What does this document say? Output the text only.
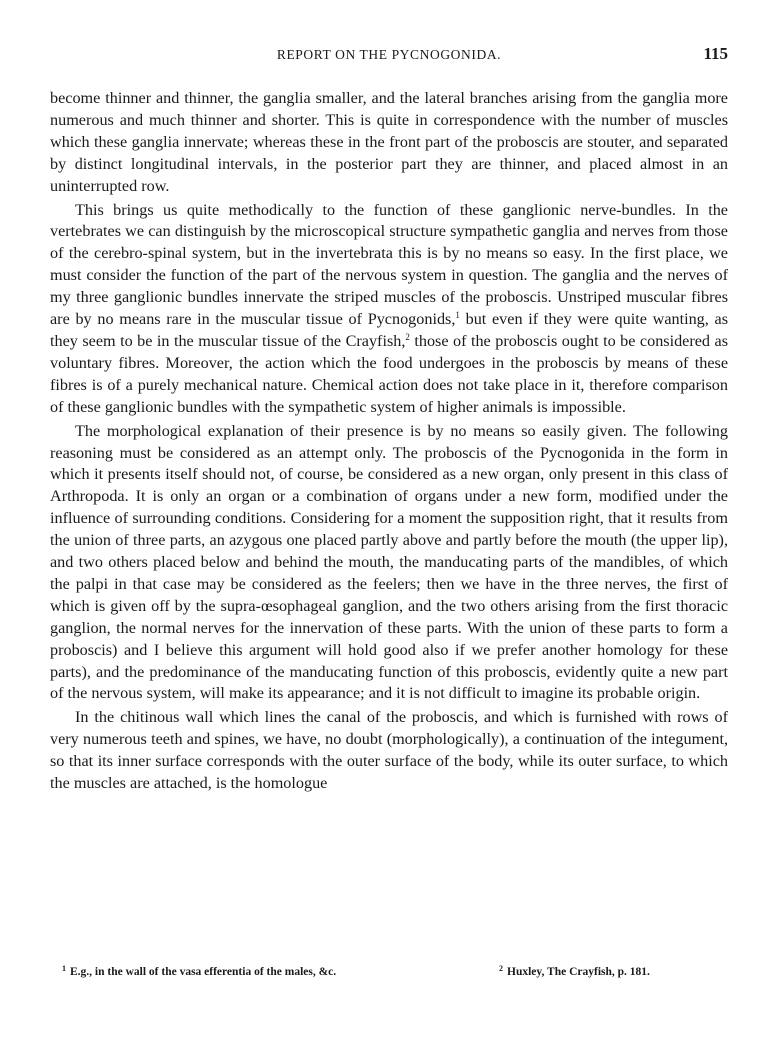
REPORT ON THE PYCNOGONIDA.	115

become thinner and thinner, the ganglia smaller, and the lateral branches arising from the ganglia more numerous and much thinner and shorter. This is quite in correspondence with the number of muscles which these ganglia innervate; whereas these in the front part of the proboscis are stouter, and separated by distinct longitudinal intervals, in the posterior part they are thinner, and placed almost in an uninterrupted row.

This brings us quite methodically to the function of these ganglionic nerve-bundles. In the vertebrates we can distinguish by the microscopical structure sympathetic ganglia and nerves from those of the cerebro-spinal system, but in the invertebrata this is by no means so easy. In the first place, we must consider the function of the part of the nervous system in question. The ganglia and the nerves of my three ganglionic bundles innervate the striped muscles of the proboscis. Unstriped muscular fibres are by no means rare in the muscular tissue of Pycnogonids,$^1$ but even if they were quite wanting, as they seem to be in the muscular tissue of the Crayfish,$^2$ those of the proboscis ought to be considered as voluntary fibres. Moreover, the action which the food undergoes in the proboscis by means of these fibres is of a purely mechanical nature. Chemical action does not take place in it, therefore comparison of these ganglionic bundles with the sympathetic system of higher animals is impossible.

The morphological explanation of their presence is by no means so easily given. The following reasoning must be considered as an attempt only. The proboscis of the Pycnogonida in the form in which it presents itself should not, of course, be considered as a new organ, only present in this class of Arthropoda. It is only an organ or a combination of organs under a new form, modified under the influence of surrounding conditions. Considering for a moment the supposition right, that it results from the union of three parts, an azygous one placed partly above and partly before the mouth (the upper lip), and two others placed below and behind the mouth, the manducating parts of the mandibles, of which the palpi in that case may be considered as the feelers; then we have in the three nerves, the first of which is given off by the supra-œsophageal ganglion, and the two others arising from the first thoracic ganglion, the normal nerves for the innervation of these parts. With the union of these parts to form a proboscis) and I believe this argument will hold good also if we prefer another homology for these parts), and the predominance of the manducating function of this proboscis, evidently quite a new part of the nervous system, will make its appearance; and it is not difficult to imagine its probable origin.

In the chitinous wall which lines the canal of the proboscis, and which is furnished with rows of very numerous teeth and spines, we have, no doubt (morphologically), a continuation of the integument, so that its inner surface corresponds with the outer surface of the body, while its outer surface, to which the muscles are attached, is the homologue

$^1$ E.g., in the wall of the vasa efferentia of the males, &c.	$^2$ Huxley, The Crayfish, p. 181.
